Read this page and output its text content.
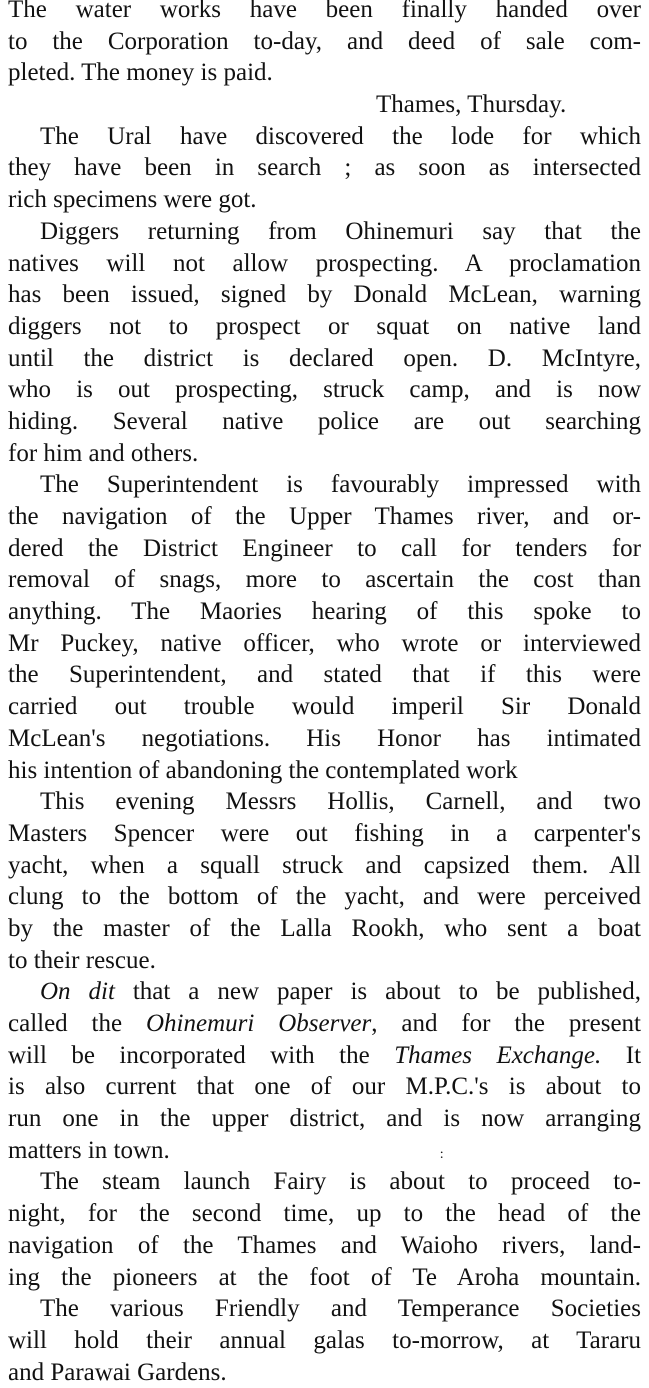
The water works have been finally handed over
to the Corporation to-day, and deed of sale com-
pleted. The money is paid.
Thames, Thursday.
The Ural have discovered the lode for which
they have been in search ; as soon as intersected
rich specimens were got.
Diggers returning from Ohinemuri say that the
natives will not allow prospecting. A proclamation
has been issued, signed by Donald McLean, warning
diggers not to prospect or squat on native land
until the district is declared open. D. McIntyre,
who is out prospecting, struck camp, and is now
hiding. Several native police are out searching
for him and others.
The Superintendent is favourably impressed with
the navigation of the Upper Thames river, and or-
dered the District Engineer to call for tenders for
removal of snags, more to ascertain the cost than
anything. The Maories hearing of this spoke to
Mr Puckey, native officer, who wrote or interviewed
the Superintendent, and stated that if this were
carried out trouble would imperil Sir Donald
McLean's negotiations. His Honor has intimated
his intention of abandoning the contemplated work
This evening Messrs Hollis, Carnell, and two
Masters Spencer were out fishing in a carpenter's
yacht, when a squall struck and capsized them. All
clung to the bottom of the yacht, and were perceived
by the master of the Lalla Rookh, who sent a boat
to their rescue.
On dit that a new paper is about to be published,
called the Ohinemuri Observer, and for the present
will be incorporated with the Thames Exchange. It
is also current that one of our M.P.C.'s is about to
run one in the upper district, and is now arranging
matters in town.	:
The steam launch Fairy is about to proceed to-
night, for the second time, up to the head of the
navigation of the Thames and Waioho rivers, land-
ing the pioneers at the foot of Te Aroha mountain.
The various Friendly and Temperance Societies
will hold their annual galas to-morrow, at Tararu
and Parawai Gardens.
